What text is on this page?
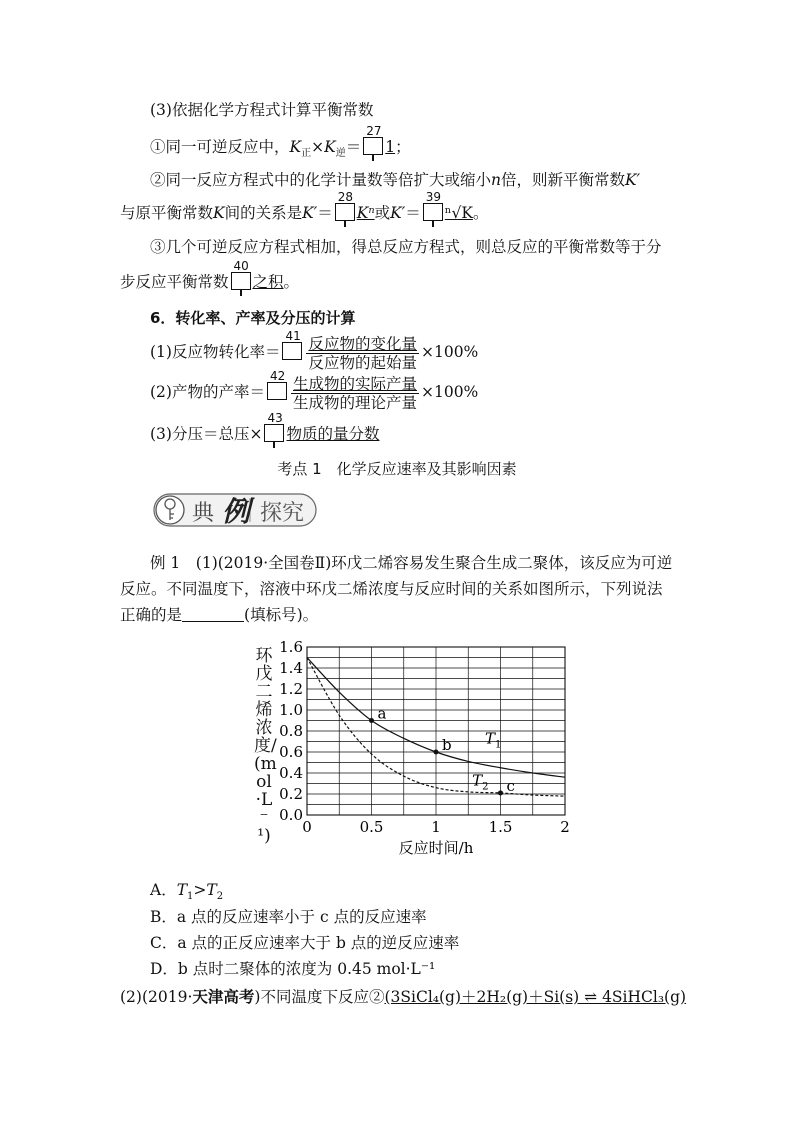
(3)依据化学方程式计算平衡常数
①同一可逆反应中，$K_正\times K_逆=$
27
1；
②同一反应方程式中的化学计量数等倍扩大或缩小n倍，则新平衡常数K′
与原平衡常数K间的关系是K′＝
28
Kⁿ或K′＝
39
ⁿ√K。
③几个可逆反应方程式相加，得总反应方程式，则总反应的平衡常数等于分
步反应平衡常数
40
之积。
6．转化率、产率及分压的计算
(1)反应物转化率＝
$41 \frac{\text{反应物的变化量}}{\text{反应物的起始量}} \times 100\%$
(2)产物的产率＝
$42 \frac{\text{生成物的实际产量}}{\text{生成物的理论产量}} \times 100\%$
(3)分压＝总压×
43
物质的量分数
考点 1　化学反应速率及其影响因素
典 例 探究
例 1　(1)(2019·全国卷Ⅱ)环戊二烯容易发生聚合生成二聚体，该反应为可逆
反应。不同温度下，溶液中环戊二烯浓度与反应时间的关系如图所示，下列说法
正确的是	(填标号)。
0.0
0.2
0.4
0.6
0.8
1.0
1.2
1.4
1.6
0	0.5	1	1.5	2
反应时间/h
$T_1$
$T_2$
a
b
c
环戊二烯浓度/(mol·L⁻¹)
A．$T_1>T_2$
B．a 点的反应速率小于 c 点的反应速率
C．a 点的正反应速率大于 b 点的逆反应速率
D．b 点时二聚体的浓度为 0.45 mol·L⁻¹
(2)(2019·天津高考)不同温度下反应②(3SiCl₄(g)＋2H₂(g)＋Si(s) ⇌ 4SiHCl₃(g)
